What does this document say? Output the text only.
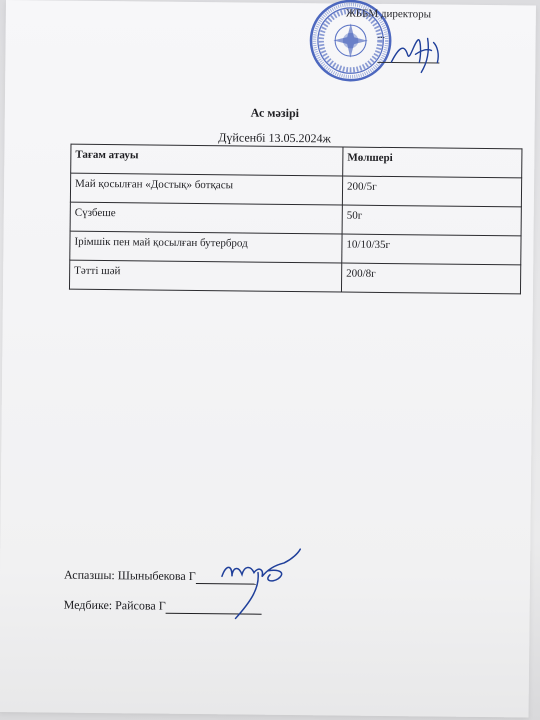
ЖББМ директоры
...
Ас мәзірі
Дүйсенбі 13.05.2024ж
Тағам атауы	Мөлшері
Май қосылған «Достық» ботқасы	200/5г
Сүзбеше	50г
Ірімшік пен май қосылған бутерброд	10/10/35г
Тәтті шәй	200/8г
Аспазшы: Шыныбекова Г
Медбике: Райсова Г
